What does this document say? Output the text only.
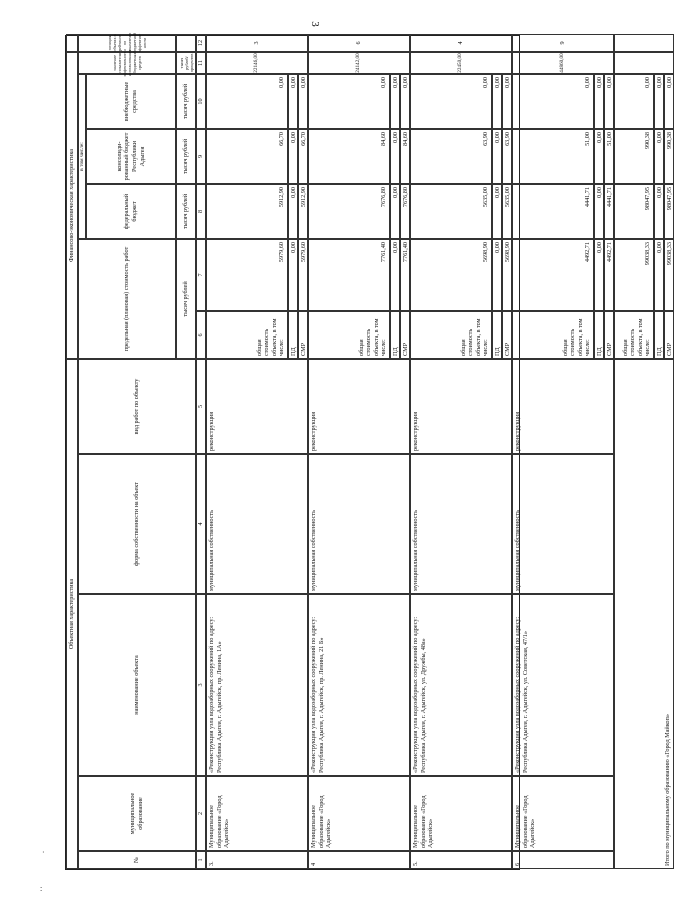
3
·
:
Объектная характеристика
Финансово-экономическая характеристика
№
муниципальное образование
наименование объекта
форма собственности на объект
вид работ по объекту
предельная (плановая) стоимость работ
в том числе:
федеральный бюджет
консолиди-рованный бюджет Республики Адыгея
внебюджетные средства
значение показателя эффективности использования бюджетных средств
тысяч рублей
тысяч рублей
тысяч рублей
тысяч рублей
тысяч рублей/ процентов
позиция объекта в рейтинге по показателю бюджетной эффектив-ности
1
2
3
4
5
6
7
8
9
10
11
12
3.
Муниципальное образование «Город Адыгейск»
«Реконструкция узла водозаборных сооружений по адресу: Республика Адыгея, г. Адыгейск, пр. Ленина, 1А»
муниципальная собственность
реконструкция
общая стоимость объекта, в том числе:
5979,60
5912,90
66,70
0,00
ПД
0,00
0,00
0,00
0,00
СМР
5979,60
5912,90
66,70
0,00
22146,00
3
4
Муниципальное образование «Город Адыгейск»
«Реконструкция узла водозаборных сооружений по адресу: Республика Адыгея, г. Адыгейск, пр. Ленина, 21 Б»
муниципальная собственность
реконструкция
общая стоимость объекта, в том числе:
7761,40
7676,80
84,60
0,00
ПД
0,00
0,00
0,00
0,00
СМР
7761,40
7676,80
84,60
0,00
24142,00
6
5.
Муниципальное образование «Город Адыгейск»
«Реконструкция узла водозаборных сооружений по адресу: Республика Адыгея, г. Адыгейск, ул. Дружбы, 48а»
муниципальная собственность
реконструкция
общая стоимость объекта, в том числе:
5698,90
5635,00
63,90
0,00
ПД
0,00
0,00
0,00
0,00
СМР
5698,90
5635,00
63,90
0,00
22450,00
4
6
Муниципальное образование «Город Адыгейск»
«Реконструкция узла водозаборных сооружений по адресу: Республика Адыгея, г. Адыгейск, ул. Советская, 47/1»
муниципальная собственность
реконструкция
общая стоимость объекта, в том числе:
4492,71
4441,71
51,00
0,00
ПД
0,00
0,00
0,00
0,00
СМР
4492,71
4441,71
51,00
0,00
44860,00
9
Итого по муниципальному образованию «Город Майкоп»
общая стоимость объекта, в том числе:
99038,33
98047,95
990,38
0,00
ПД
0,00
0,00
0,00
0,00
СМР
99038,33
98047,95
990,38
0,00
